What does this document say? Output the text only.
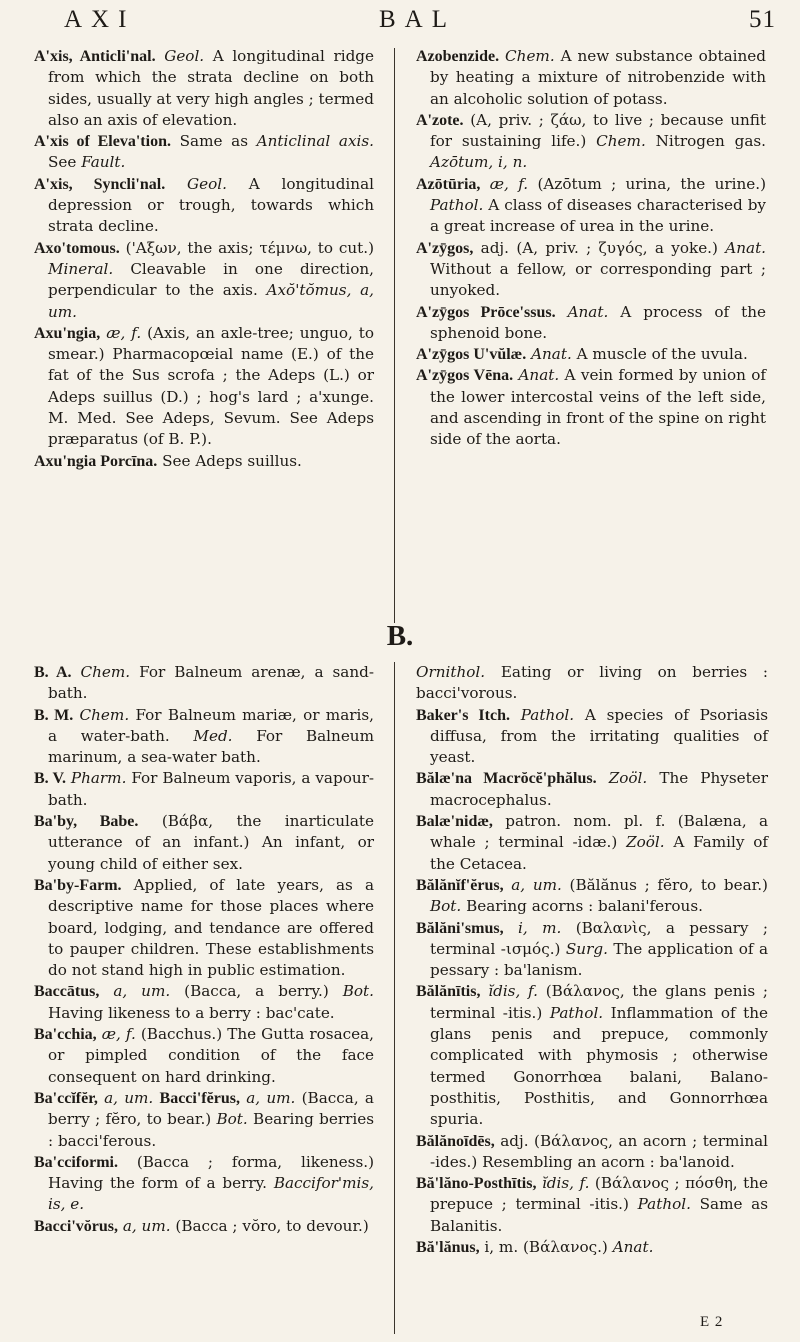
AXI	BAL	51

A'xis, Anticli'nal. Geol. A longitudinal ridge from which the strata decline on both sides, usually at very high angles ; termed also an axis of elevation.

A'xis of Eleva'tion. Same as Anticlinal axis. See Fault.

A'xis, Syncli'nal. Geol. A longitudinal depression or trough, towards which strata decline.

Axo'tomous. ('Aξων, the axis; τέμνω, to cut.) Mineral. Cleavable in one direction, perpendicular to the axis. Axŏ'tŏmus, a, um.

Axu'ngia, æ, f. (Axis, an axle-tree; unguo, to smear.) Pharmacopœial name (E.) of the fat of the Sus scrofa ; the Adeps (L.) or Adeps suillus (D.) ; hog's lard ; a'xunge. M. Med. See Adeps, Sevum. See Adeps præparatus (of B. P.).

Axu'ngia Porcīna. See Adeps suillus.

Azobenzide. Chem. A new substance obtained by heating a mixture of nitrobenzide with an alcoholic solution of potass.

A'zote. (A, priv. ; ζάω, to live ; because unfit for sustaining life.) Chem. Nitrogen gas. Azōtum, i, n.

Azōtūria, æ, f. (Azōtum ; urina, the urine.) Pathol. A class of diseases characterised by a great increase of urea in the urine.

A'zȳgos, adj. (A, priv. ; ζυγός, a yoke.) Anat. Without a fellow, or corresponding part ; unyoked.

A'zȳgos Prōce'ssus. Anat. A process of the sphenoid bone.

A'zȳgos U'vŭlæ. Anat. A muscle of the uvula.

A'zȳgos Vēna. Anat. A vein formed by union of the lower intercostal veins of the left side, and ascending in front of the spine on right side of the aorta.

B.

B. A. Chem. For Balneum arenæ, a sand-bath.

B. M. Chem. For Balneum mariæ, or maris, a water-bath. Med. For Balneum marinum, a sea-water bath.

B. V. Pharm. For Balneum vaporis, a vapour-bath.

Ba'by, Babe. (Βάβα, the inarticulate utterance of an infant.) An infant, or young child of either sex.

Ba'by-Farm. Applied, of late years, as a descriptive name for those places where board, lodging, and tendance are offered to pauper children. These establishments do not stand high in public estimation.

Baccātus, a, um. (Bacca, a berry.) Bot. Having likeness to a berry : bac'cate.

Ba'cchia, æ, f. (Bacchus.) The Gutta rosacea, or pimpled condition of the face consequent on hard drinking.

Ba'ccĭfĕr, a, um. Bacci'fĕrus, a, um. (Bacca, a berry ; fĕro, to bear.) Bot. Bearing berries : bacci'ferous.

Ba'cciformi. (Bacca ; forma, likeness.) Having the form of a berry. Baccifor'mis, is, e.

Bacci'vŏrus, a, um. (Bacca ; vŏro, to devour.)

Ornithol. Eating or living on berries : bacci'vorous.

Baker's Itch. Pathol. A species of Psoriasis diffusa, from the irritating qualities of yeast.

Bălæ'na Macrŏcĕ'phălus. Zoöl. The Physeter macrocephalus.

Balæ'nidæ, patron. nom. pl. f. (Balæna, a whale ; terminal -idæ.) Zoöl. A Family of the Cetacea.

Bălănĭf'ĕrus, a, um. (Bălănus ; fĕro, to bear.) Bot. Bearing acorns : balani'ferous.

Bălăni'smus, i, m. (Βαλανὶς, a pessary ; terminal -ισμός.) Surg. The application of a pessary : ba'lanism.

Bălănītis, ĭdis, f. (Βάλανος, the glans penis ; terminal -itis.) Pathol. Inflammation of the glans penis and prepuce, commonly complicated with phymosis ; otherwise termed Gonorrhœa balani, Balano-posthitis, Posthitis, and Gonnorrhœa spuria.

Bălănoīdēs, adj. (Βάλανος, an acorn ; terminal -ides.) Resembling an acorn : ba'lanoid.

Bă'lăno-Posthītis, ĭdis, f. (Βάλανος ; πόσθη, the prepuce ; terminal -itis.) Pathol. Same as Balanitis.

Bă'lănus, i, m. (Βάλανος.) Anat.

E 2
